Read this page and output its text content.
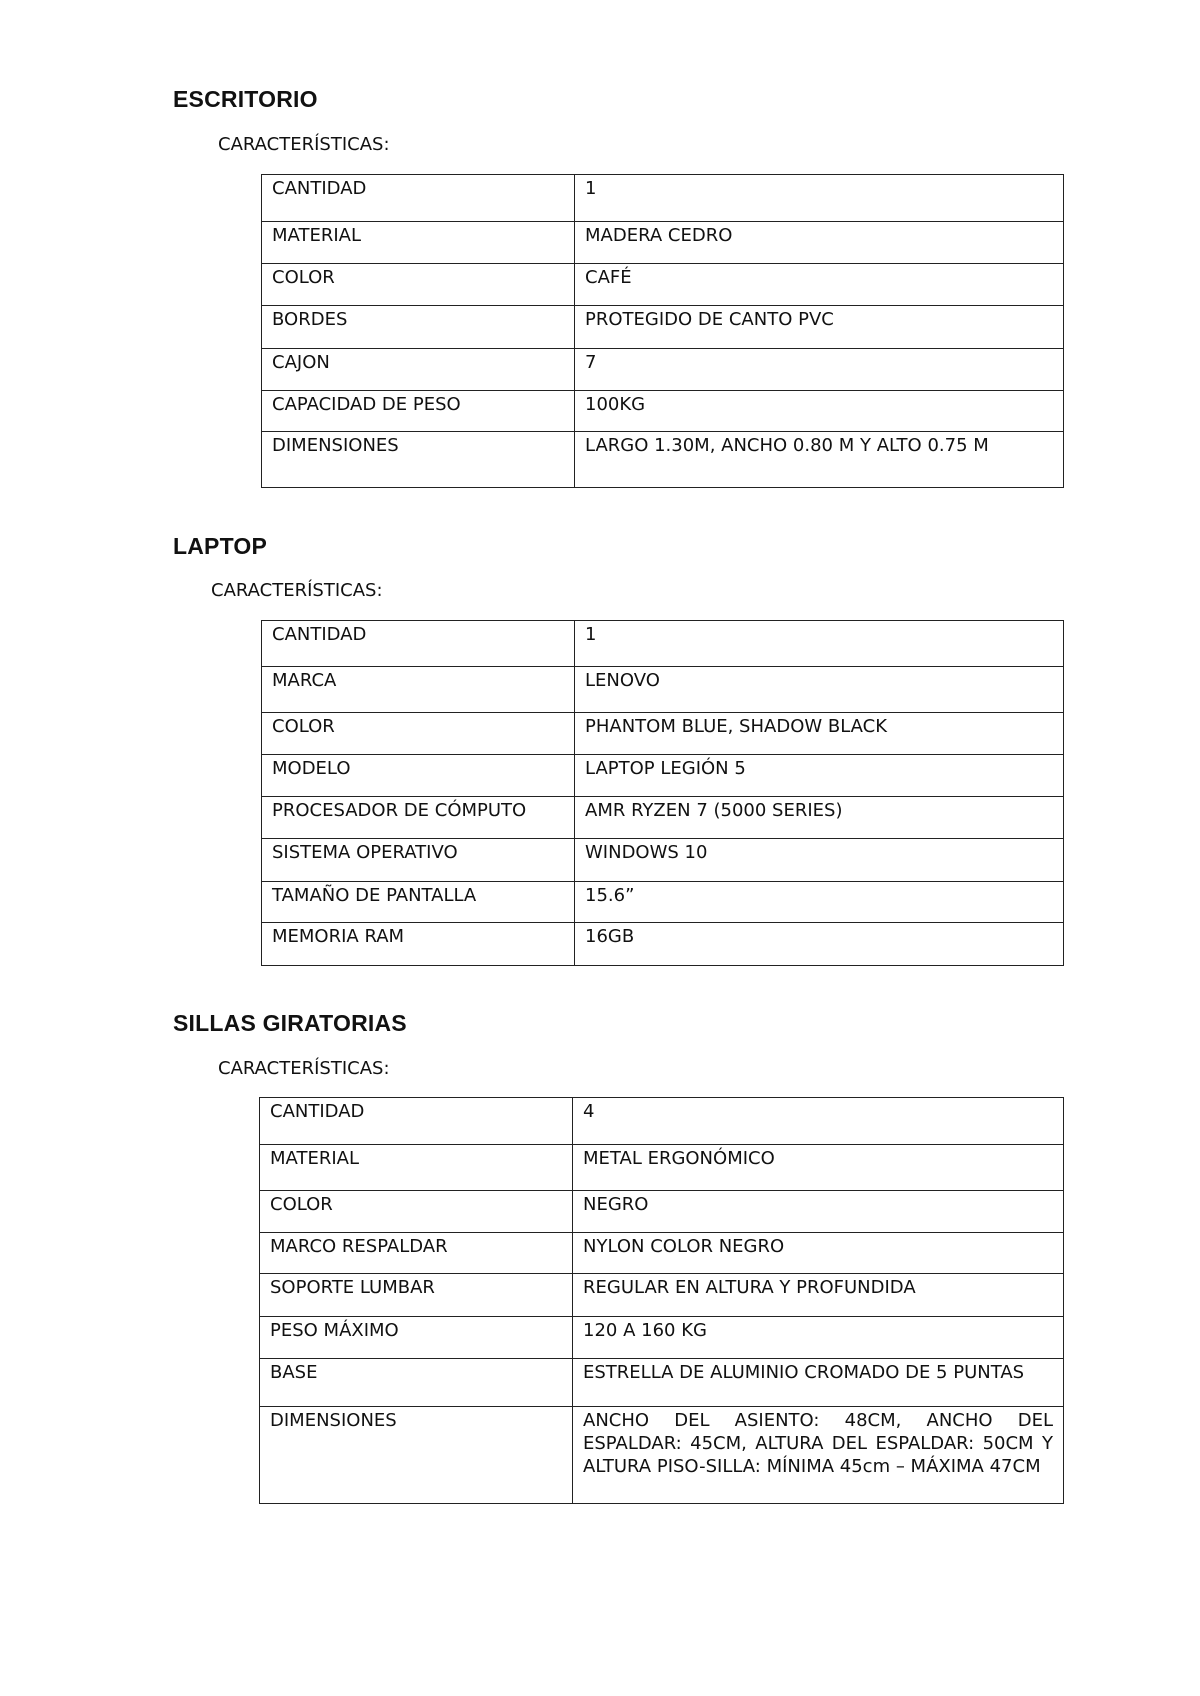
ESCRITORIO

CARACTERÍSTICAS:

CANTIDAD	1
MATERIAL	MADERA CEDRO
COLOR	CAFÉ
BORDES	PROTEGIDO DE CANTO PVC
CAJON	7
CAPACIDAD DE PESO	100KG
DIMENSIONES	LARGO 1.30M, ANCHO 0.80 M Y ALTO 0.75 M
LAPTOP

CARACTERÍSTICAS:

CANTIDAD	1
MARCA	LENOVO
COLOR	PHANTOM BLUE, SHADOW BLACK
MODELO	LAPTOP LEGIÓN 5
PROCESADOR DE CÓMPUTO	AMR RYZEN 7 (5000 SERIES)
SISTEMA OPERATIVO	WINDOWS 10
TAMAÑO DE PANTALLA	15.6”
MEMORIA RAM	16GB
SILLAS GIRATORIAS

CARACTERÍSTICAS:

CANTIDAD	4
MATERIAL	METAL ERGONÓMICO
COLOR	NEGRO
MARCO RESPALDAR	NYLON COLOR NEGRO
SOPORTE LUMBAR	REGULAR EN ALTURA Y PROFUNDIDA
PESO MÁXIMO	120 A 160 KG
BASE	ESTRELLA DE ALUMINIO CROMADO DE 5 PUNTAS
DIMENSIONES	ANCHO DEL ASIENTO: 48CM, ANCHO DEL ESPALDAR: 45CM, ALTURA DEL ESPALDAR: 50CM Y ALTURA PISO-SILLA: MÍNIMA 45cm – MÁXIMA 47CM
